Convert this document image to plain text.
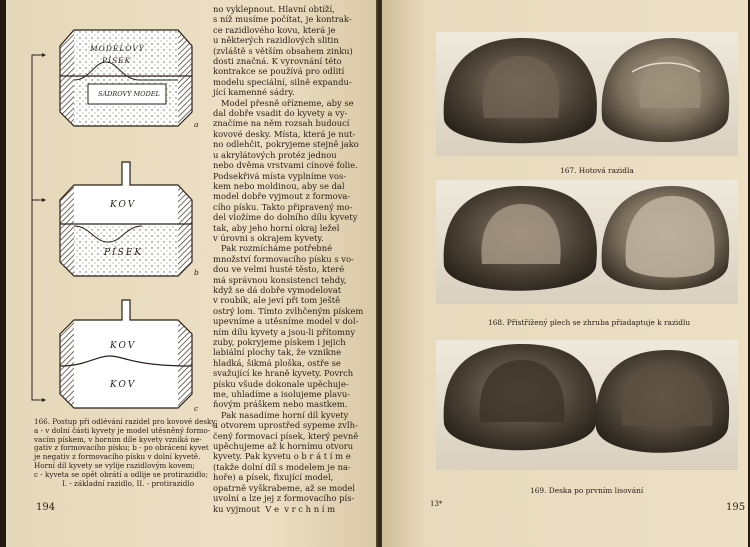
MODELOVÝ
PÍSEK
SÁDROVÝ MODEL
KOV
PÍSEK
KOV
KOV
a
b
c
166. Postup při odlévání razidel pro kovové desky:
a - v dolní části kyvety je model utěsněný formo-
vacím pískem, v horním díle kyvety vzniká ne-
gativ z formovacího písku; b - po obrácení kyvet
je negativ z formovacího písku v dolní kyvetě.
Horní díl kyvety se vylije razidlovým kovem;
c - kyveta se opět obrátí a odlije se protirazidlo;
I. - základní razidlo, II. - protirazidlo
no vyklepnout. Hlavní obtíží,
s níž musíme počítat, je kontrak-
ce razidlového kovu, která je
u některých razidlových slitin
(zvláště s větším obsahem zinku)
dosti značná. K vyrovnání této
kontrakce se používá pro odlití
modelu speciální, silně expandu-
jící kamenné sádry.
Model přesně ořízneme, aby se
dal dobře vsadit do kyvety a vy-
značíme na něm rozsah budoucí
kovové desky. Místa, která je nut-
no odlehčit, pokryjeme stejně jako
u akrylátových protéz jednou
nebo dvěma vrstvami cínové folie.
Podsekřivá místa vyplníme vos-
kem nebo moldinou, aby se dal
model dobře vyjmout z formova-
cího písku. Takto připravený mo-
del vložíme do dolního dílu kyvety
tak, aby jeho horní okraj ležel
v úrovni s okrajem kyvety.
Pak rozmícháme potřebné
množství formovacího písku s vo-
dou ve velmi husté těsto, které
má správnou konsistenci tehdy,
když se dá dobře vymodelovat
v roubík, ale jeví při tom ještě
ostrý lom. Tímto zvlhčeným pískem
upevníme a utěsníme model v dol-
ním dílu kyvety a jsou-li přítomny
zuby, pokryjeme pískem i jejich
labiální plochy tak, že vznikne
hladká, šikmá ploška, ostře se
svažující ke hraně kyvety. Povrch
písku všude dokonale upěchuje-
me, uhladíme a isolujeme plavu-
ňovým práškem nebo mastkem.
Pak nasadíme horní díl kyvety
a otvorem uprostřed sypeme zvlh-
čený formovací písek, který pevně
upěchujeme až k hornímu otvoru
kyvety. Pak kyvetu o b r á t í m e
(takže dolní díl s modelem je na-
hoře) a písek, fixující model,
opatrně vyškrabeme, až se model
uvolní a lze jej z formovacího pís-
ku vyjmout  V e  v r c h n í m
194
167. Hotová razidla
168. Přistřižený plech se zhruba přiadaptuje k razidlu
169. Deska po prvním lisování
13*	195
